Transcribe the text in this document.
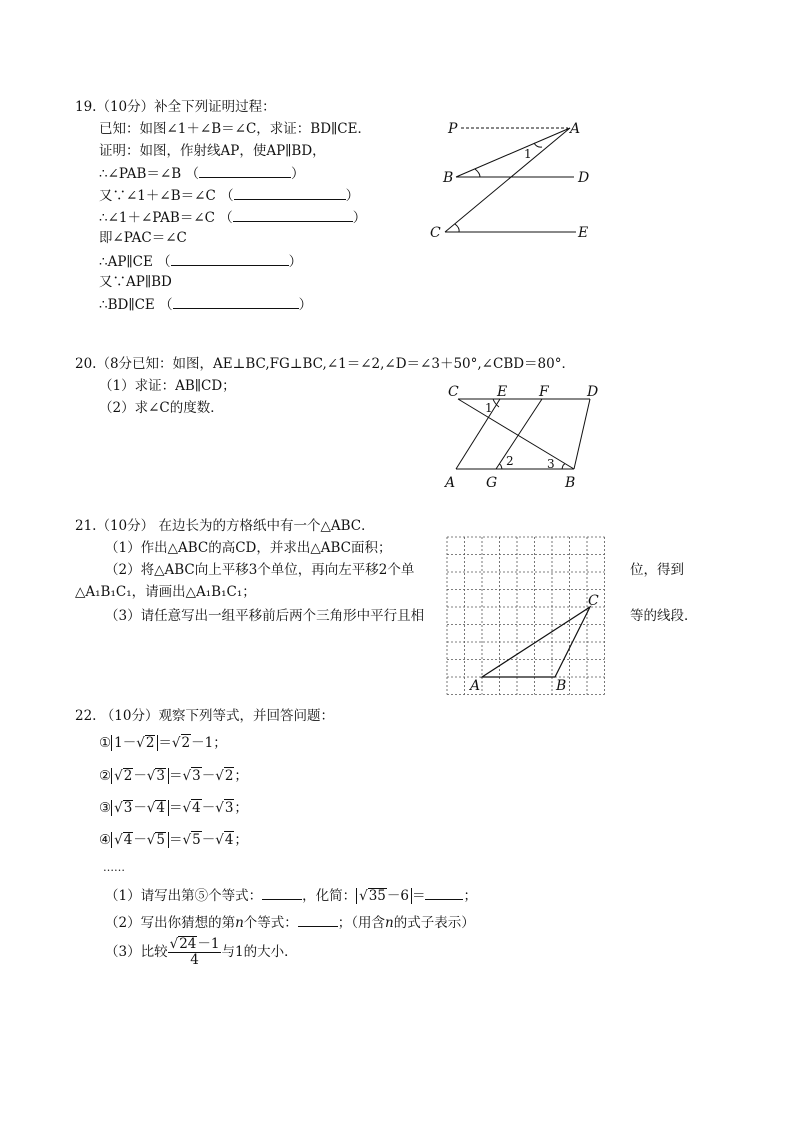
19.（10分）补全下列证明过程：
已知：如图∠1＋∠B＝∠C，求证：BD∥CE．
证明：如图，作射线AP，使AP∥BD，
∴∠PAB＝∠B （	）
又∵∠1＋∠B＝∠C （	）
∴∠1＋∠PAB＝∠C （	）
即∠PAC＝∠C
∴AP∥CE （	）
又∵AP∥BD
∴BD∥CE （	）
P	A
B	D
C	E
1
20.（8分已知：如图，AE⊥BC,FG⊥BC,∠1＝∠2,∠D＝∠3＋50°,∠CBD＝80°．
（1）求证：AB∥CD；
（2）求∠C的度数．
C	E F	D
A G	B
1
2	3
21.（10分） 在边长为的方格纸中有一个△ABC．
（1）作出△ABC的高CD，并求出△ABC面积；
（2）将△ABC向上平移3个单位，再向左平移2个单	位，得到
△A₁B₁C₁，请画出△A₁B₁C₁；
（3）请任意写出一组平移前后两个三角形中平行且相	等的线段．
A	B
C
22. （10分）观察下列等式，并回答问题：
① 1－√2 ＝√2－1；
② √2－√3 ＝√3－√2；
③ √3－√4 ＝√4－√3；
④ √4－√5 ＝√5－√4；
……
（1）请写出第⑤个等式：	，化简： √35－6 ＝	；
（2）写出你猜想的第n个等式：	；（用含n的式子表示）
（3）比较 $\frac{√24-1}{4}$ 与1的大小．
